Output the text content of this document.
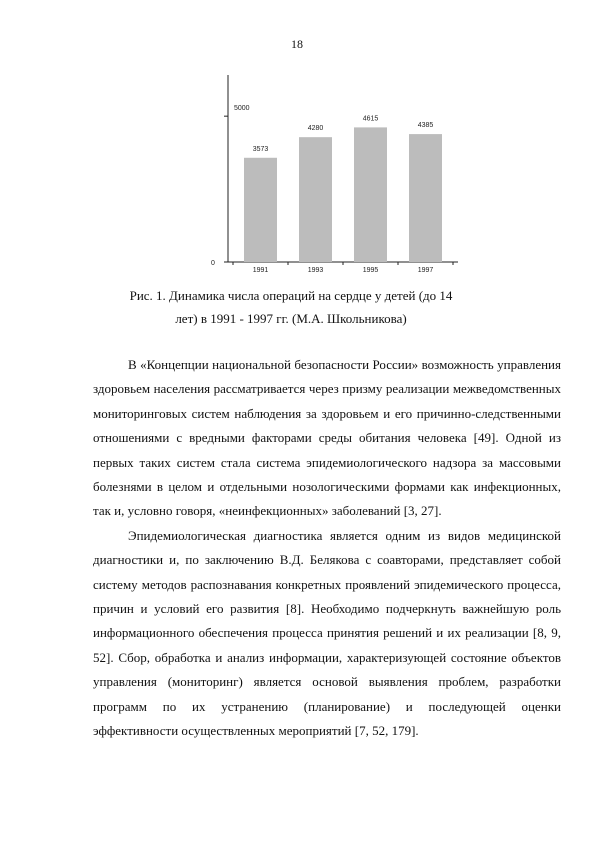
18
0
5000
3573
1991
4280
1993
4615
1995
4385
1997
Рис. 1. Динамика числа операций на сердце у детей (до 14 лет) в 1991 - 1997 гг. (М.А. Школьникова)

В «Концепции национальной безопасности России» возможность управления здоровьем населения рассматривается через призму реализации межведомственных мониторинговых систем наблюдения за здоровьем и его причинно-следственными отношениями с вредными факторами среды обитания человека [49]. Одной из первых таких систем стала система эпидемиологического надзора за массовыми болезнями в целом и отдельными нозологическими формами как инфекционных, так и, условно говоря, «неинфекционных» заболеваний [3, 27].

Эпидемиологическая диагностика является одним из видов медицинской диагностики и, по заключению В.Д. Белякова с соавторами, представляет собой систему методов распознавания конкретных проявлений эпидемического процесса, причин и условий его развития [8]. Необходимо подчеркнуть важнейшую роль информационного обеспечения процесса принятия решений и их реализации [8, 9, 52]. Сбор, обработка и анализ информации, характеризующей состояние объектов управления (мониторинг) является основой выявления проблем, разработки программ по их устранению (планирование) и последующей оценки эффективности осуществленных мероприятий [7, 52, 179].
